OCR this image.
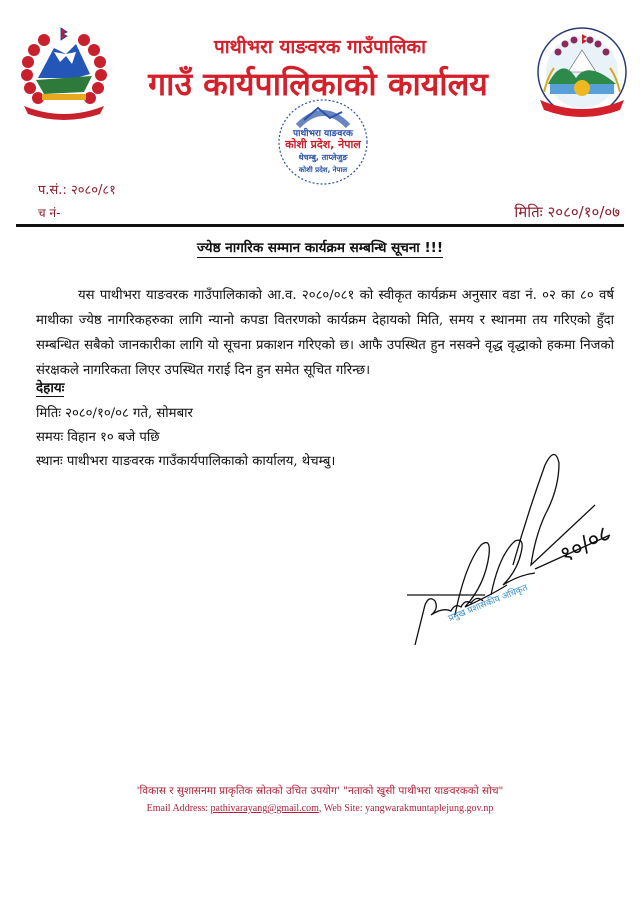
पाथीभरा याङवरक गाउँपालिका
गाउँ कार्यपालिकाको कार्यालय
पाथीभरा याङवरक
कोशी प्रदेश, नेपाल
थेचम्बु, ताप्लेजुङ
कोशी प्रदेश, नेपाल
प.सं.: २०८०/८१
च नं-	मितिः २०८०/१०/०७
ज्येष्ठ नागरिक सम्मान कार्यक्रम सम्बन्धि सूचना !!!

यस पाथीभरा याङवरक गाउँपालिकाको आ.व. २०८०/०८१ को स्वीकृत कार्यक्रम अनुसार वडा नं. ०२ का ८० वर्ष माथीका ज्येष्ठ नागरिकहरुका लागि न्यानो कपडा वितरणको कार्यक्रम देहायको मिति, समय र स्थानमा तय गरिएको हुँदा सम्बन्धित सबैको जानकारीका लागि यो सूचना प्रकाशन गरिएको छ। आफै उपस्थित हुन नसक्ने वृद्ध वृद्धाको हकमा निजको संरक्षकले नागरिकता लिएर उपस्थित गराई दिन हुन समेत सूचित गरिन्छ।

देहायः
मितिः २०८०/१०/०८ गते, सोमबार
समयः विहान १० बजे पछि
स्थानः पाथीभरा याङवरक गाउँकार्यपालिकाको कार्यालय, थेचम्बु।
१०/०८
प्रमुख प्रशासकीय अधिकृत
'विकास र सुशासनमा प्राकृतिक स्रोतको उचित उपयोग' "नताको खुसी पाथीभरा याङवरकको सोच"
Email Address: pathivarayang@gmail.com, Web Site: yangwarakmuntaplejung.gov.np
